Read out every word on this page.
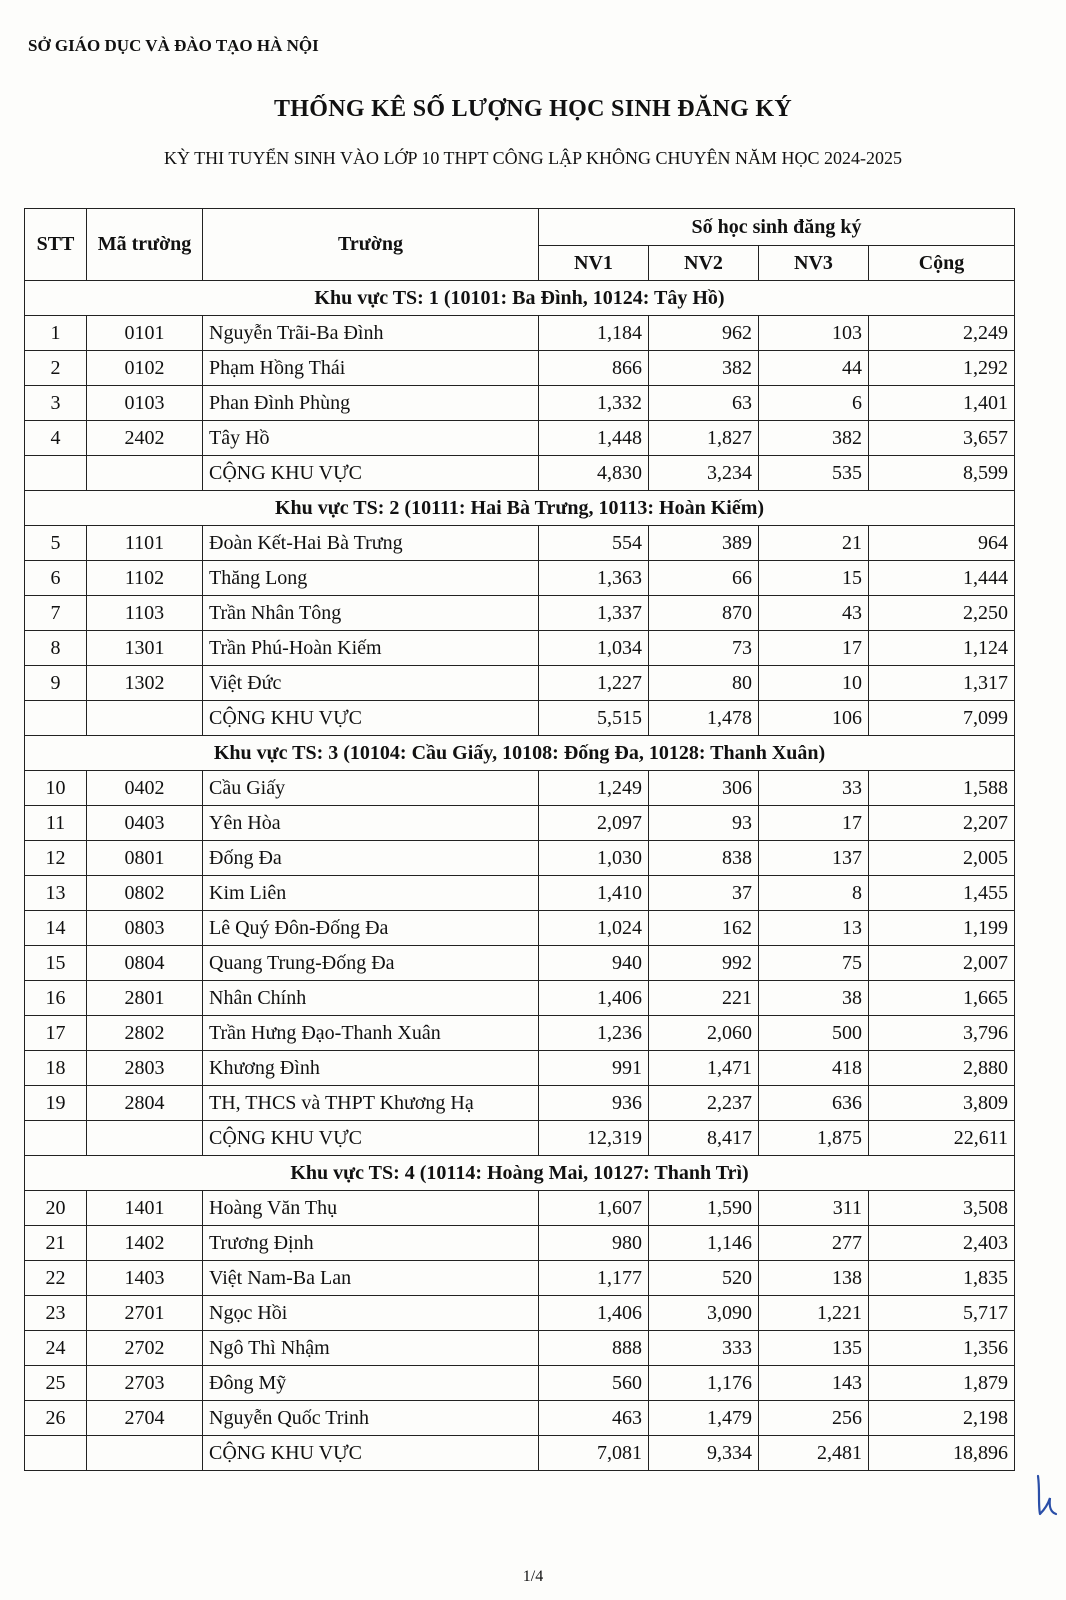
SỞ GIÁO DỤC VÀ ĐÀO TẠO HÀ NỘI
THỐNG KÊ SỐ LƯỢNG HỌC SINH ĐĂNG KÝ
KỲ THI TUYỂN SINH VÀO LỚP 10 THPT CÔNG LẬP KHÔNG CHUYÊN NĂM HỌC 2024-2025
STT	Mã trường	Trường	Số học sinh đăng ký			
			NV1	NV2	NV3	Cộng
Khu vực TS: 1 (10101: Ba Đình, 10124: Tây Hồ)						
1	0101	Nguyễn Trãi-Ba Đình	1,184	962	103	2,249
2	0102	Phạm Hồng Thái	866	382	44	1,292
3	0103	Phan Đình Phùng	1,332	63	6	1,401
4	2402	Tây Hồ	1,448	1,827	382	3,657
		CỘNG KHU VỰC	4,830	3,234	535	8,599
Khu vực TS: 2 (10111: Hai Bà Trưng, 10113: Hoàn Kiếm)						
5	1101	Đoàn Kết-Hai Bà Trưng	554	389	21	964
6	1102	Thăng Long	1,363	66	15	1,444
7	1103	Trần Nhân Tông	1,337	870	43	2,250
8	1301	Trần Phú-Hoàn Kiếm	1,034	73	17	1,124
9	1302	Việt Đức	1,227	80	10	1,317
		CỘNG KHU VỰC	5,515	1,478	106	7,099
Khu vực TS: 3 (10104: Cầu Giấy, 10108: Đống Đa, 10128: Thanh Xuân)						
10	0402	Cầu Giấy	1,249	306	33	1,588
11	0403	Yên Hòa	2,097	93	17	2,207
12	0801	Đống Đa	1,030	838	137	2,005
13	0802	Kim Liên	1,410	37	8	1,455
14	0803	Lê Quý Đôn-Đống Đa	1,024	162	13	1,199
15	0804	Quang Trung-Đống Đa	940	992	75	2,007
16	2801	Nhân Chính	1,406	221	38	1,665
17	2802	Trần Hưng Đạo-Thanh Xuân	1,236	2,060	500	3,796
18	2803	Khương Đình	991	1,471	418	2,880
19	2804	TH, THCS và THPT Khương Hạ	936	2,237	636	3,809
		CỘNG KHU VỰC	12,319	8,417	1,875	22,611
Khu vực TS: 4 (10114: Hoàng Mai, 10127: Thanh Trì)						
20	1401	Hoàng Văn Thụ	1,607	1,590	311	3,508
21	1402	Trương Định	980	1,146	277	2,403
22	1403	Việt Nam-Ba Lan	1,177	520	138	1,835
23	2701	Ngọc Hồi	1,406	3,090	1,221	5,717
24	2702	Ngô Thì Nhậm	888	333	135	1,356
25	2703	Đông Mỹ	560	1,176	143	1,879
26	2704	Nguyễn Quốc Trinh	463	1,479	256	2,198
		CỘNG KHU VỰC	7,081	9,334	2,481	18,896
1/4
